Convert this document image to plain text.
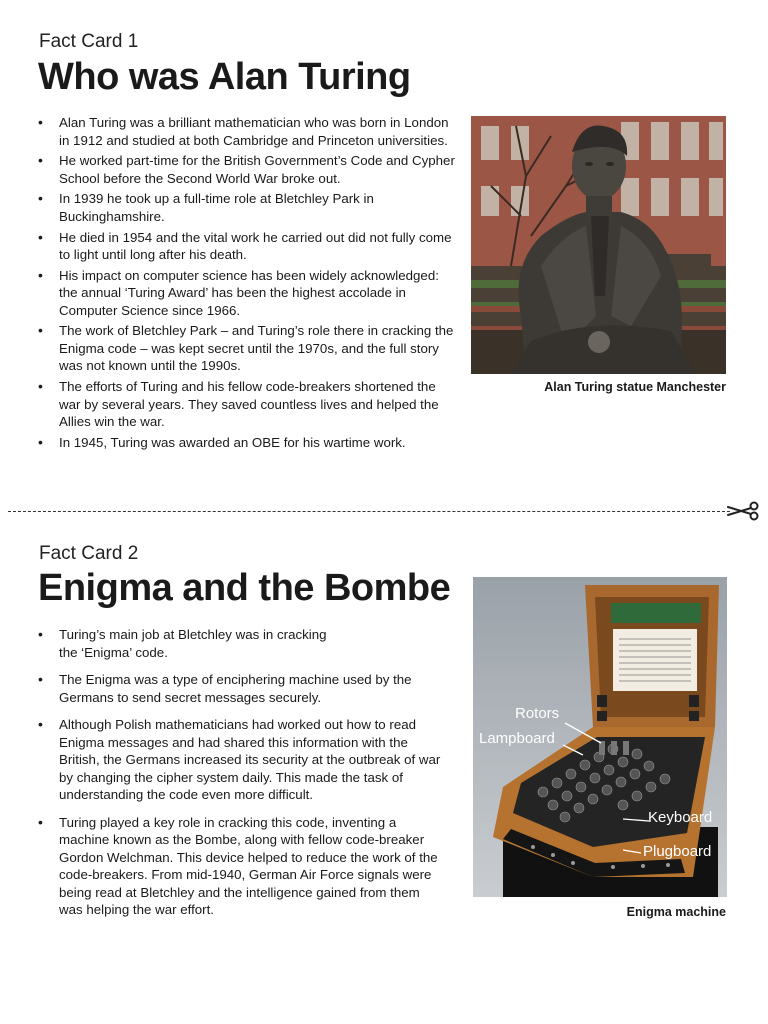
Fact Card 1
Who was Alan Turing
• Alan Turing was a brilliant mathematician who was born in London in 1912 and studied at both Cambridge and Princeton universities.
• He worked part-time for the British Government’s Code and Cypher School before the Second World War broke out.
• In 1939 he took up a full-time role at Bletchley Park in Buckinghamshire.
• He died in 1954 and the vital work he carried out did not fully come to light until long after his death.
• His impact on computer science has been widely acknowledged: the annual ‘Turing Award’ has been the highest accolade in Computer Science since 1966.
• The work of Bletchley Park – and Turing’s role there in cracking the Enigma code – was kept secret until the 1970s, and the full story was not known until the 1990s.
• The efforts of Turing and his fellow code-breakers shortened the war by several years. They saved countless lives and helped the Allies win the war.
• In 1945, Turing was awarded an OBE for his wartime work.
Alan Turing statue Manchester
Fact Card 2
Enigma and the Bombe
• Turing’s main job at Bletchley was in cracking the ‘Enigma’ code.
• The Enigma was a type of enciphering machine used by the Germans to send secret messages securely.
• Although Polish mathematicians had worked out how to read Enigma messages and had shared this information with the British, the Germans increased its security at the outbreak of war by changing the cipher system daily. This made the task of understanding the code even more difficult.
• Turing played a key role in cracking this code, inventing a machine known as the Bombe, along with fellow code-breaker Gordon Welchman. This device helped to reduce the work of the code-breakers. From mid-1940, German Air Force signals were being read at Bletchley and the intelligence gained from them was helping the war effort.
Rotors
Lampboard
Keyboard
Plugboard
Enigma machine
